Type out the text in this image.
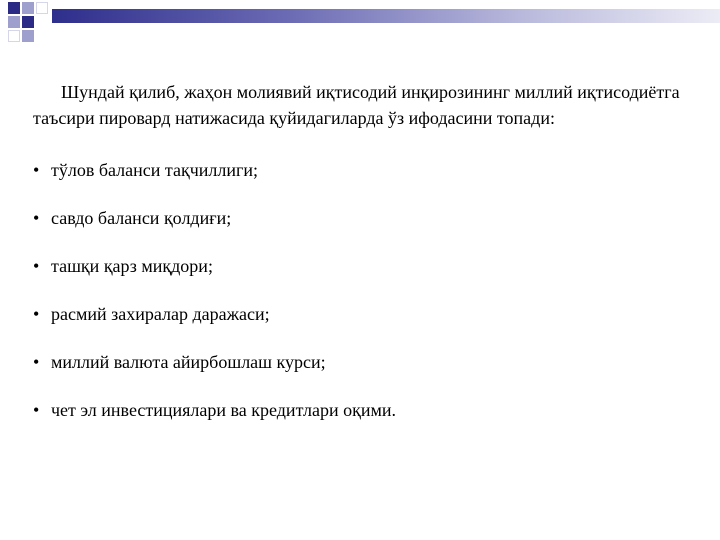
Шундай қилиб, жаҳон молиявий иқтисодий инқирозининг миллий иқтисодиётга таъсири пировард натижасида қуйидагиларда ўз ифодасини топади:

• тўлов баланси тақчиллиги;
• савдо баланси қолдиғи;
• ташқи қарз миқдори;
• расмий захиралар даражаси;
• миллий валюта айирбошлаш курси;
• чет эл инвестициялари ва кредитлари оқими.
